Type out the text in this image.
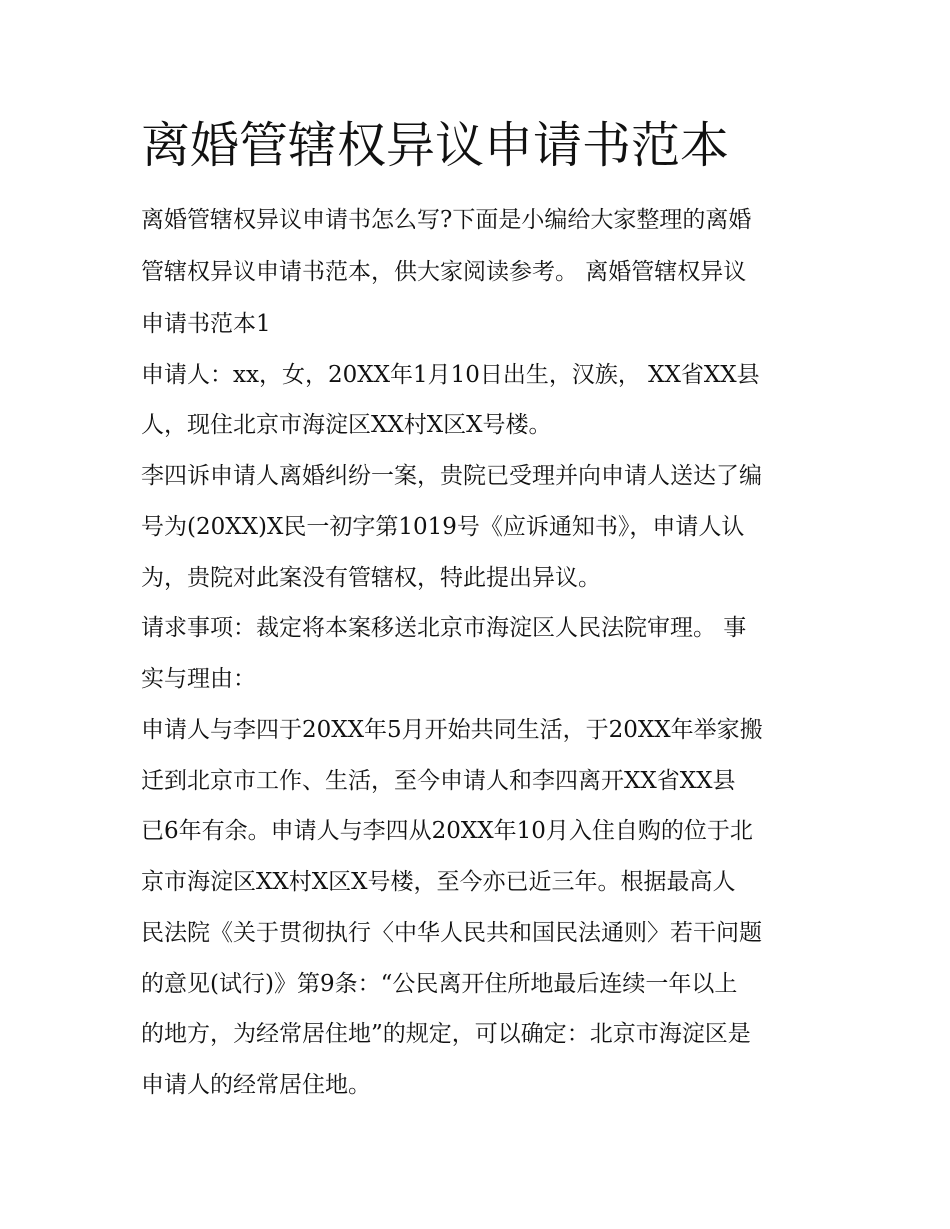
离婚管辖权异议申请书范本

离婚管辖权异议申请书怎么写?下面是小编给大家整理的离婚

管辖权异议申请书范本，供大家阅读参考。 离婚管辖权异议

申请书范本1

申请人：xx，女，20XX年1月10日出生，汉族， XX省XX县

人，现住北京市海淀区XX村X区X号楼。

李四诉申请人离婚纠纷一案，贵院已受理并向申请人送达了编

号为(20XX)X民一初字第1019号《应诉通知书》，申请人认

为，贵院对此案没有管辖权，特此提出异议。

请求事项：裁定将本案移送北京市海淀区人民法院审理。 事

实与理由：

申请人与李四于20XX年5月开始共同生活，于20XX年举家搬

迁到北京市工作、生活，至今申请人和李四离开XX省XX县

已6年有余。申请人与李四从20XX年10月入住自购的位于北

京市海淀区XX村X区X号楼，至今亦已近三年。根据最高人

民法院《关于贯彻执行〈中华人民共和国民法通则〉若干问题

的意见(试行)》第9条：“公民离开住所地最后连续一年以上

的地方，为经常居住地”的规定，可以确定：北京市海淀区是

申请人的经常居住地。
